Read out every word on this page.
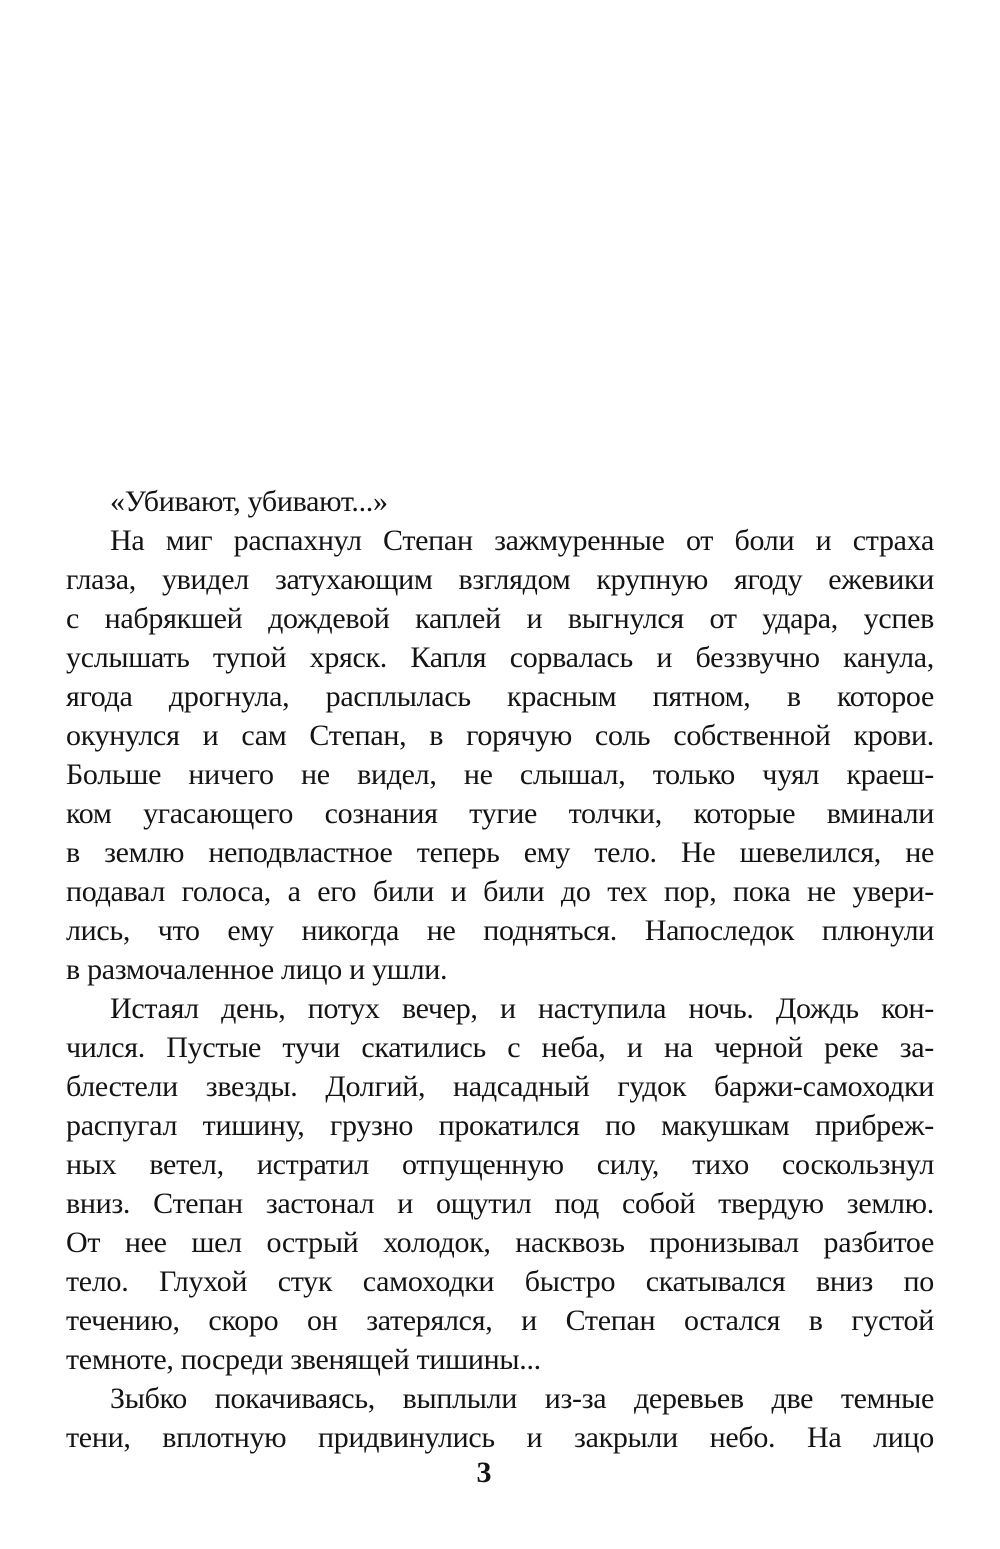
«Убивают, убивают...»
На миг распахнул Степан зажмуренные от боли и страха
глаза, увидел затухающим взглядом крупную ягоду ежевики
с набрякшей дождевой каплей и выгнулся от удара, успев
услышать тупой хряск. Капля сорвалась и беззвучно канула,
ягода дрогнула, расплылась красным пятном, в которое
окунулся и сам Степан, в горячую соль собственной крови.
Больше ничего не видел, не слышал, только чуял краеш-
ком угасающего сознания тугие толчки, которые вминали
в землю неподвластное теперь ему тело. Не шевелился, не
подавал голоса, а его били и били до тех пор, пока не увери-
лись, что ему никогда не подняться. Напоследок плюнули
в размочаленное лицо и ушли.
Истаял день, потух вечер, и наступила ночь. Дождь кон-
чился. Пустые тучи скатились с неба, и на черной реке за-
блестели звезды. Долгий, надсадный гудок баржи-самоходки
распугал тишину, грузно прокатился по макушкам прибреж-
ных ветел, истратил отпущенную силу, тихо соскользнул
вниз. Степан застонал и ощутил под собой твердую землю.
От нее шел острый холодок, насквозь пронизывал разбитое
тело. Глухой стук самоходки быстро скатывался вниз по
течению, скоро он затерялся, и Степан остался в густой
темноте, посреди звенящей тишины...
Зыбко покачиваясь, выплыли из-за деревьев две темные
тени, вплотную придвинулись и закрыли небо. На лицо
3
